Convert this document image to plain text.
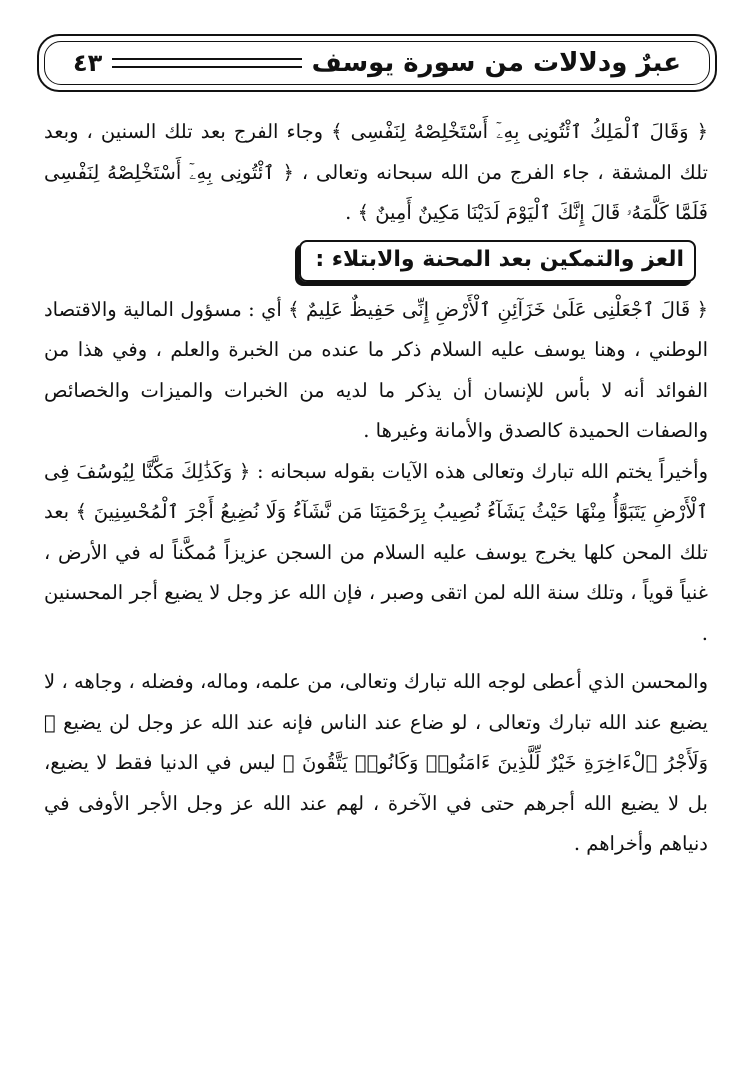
عبرٌ ودلالات من سورة يوسف
٤٣

﴿ وَقَالَ ٱلْمَلِكُ ٱئْتُونِى بِهِۦٓ أَسْتَخْلِصْهُ لِنَفْسِى ﴾ وجاء الفرج بعد تلك السنين ، وبعد تلك المشقة ، جاء الفرج من الله سبحانه وتعالى ، ﴿ ٱئْتُونِى بِهِۦٓ أَسْتَخْلِصْهُ لِنَفْسِى فَلَمَّا كَلَّمَهُۥ قَالَ إِنَّكَ ٱلْيَوْمَ لَدَيْنَا مَكِينٌ أَمِينٌ ﴾ .

العز والتمكين بعد المحنة والابتلاء :

﴿ قَالَ ٱجْعَلْنِى عَلَىٰ خَزَآئِنِ ٱلْأَرْضِ إِنِّى حَفِيظٌ عَلِيمٌ ﴾ أي : مسؤول المالية والاقتصاد الوطني ، وهنا يوسف عليه السلام ذكر ما عنده من الخبرة والعلم ، وفي هذا من الفوائد أنه لا بأس للإنسان أن يذكر ما لديه من الخبرات والميزات والخصائص والصفات الحميدة كالصدق والأمانة وغيرها .

وأخيراً يختم الله تبارك وتعالى هذه الآيات بقوله سبحانه : ﴿ وَكَذَٰلِكَ مَكَّنَّا لِيُوسُفَ فِى ٱلْأَرْضِ يَتَبَوَّأُ مِنْهَا حَيْثُ يَشَآءُ نُصِيبُ بِرَحْمَتِنَا مَن نَّشَآءُ وَلَا نُضِيعُ أَجْرَ ٱلْمُحْسِنِينَ ﴾ بعد تلك المحن كلها يخرج يوسف عليه السلام من السجن عزيزاً مُمكَّناً له في الأرض ، غنياً قوياً ، وتلك سنة الله لمن اتقى وصبر ، فإن الله عز وجل لا يضيع أجر المحسنين .

والمحسن الذي أعطى لوجه الله تبارك وتعالى، من علمه، وماله، وفضله ، وجاهه ، لا يضيع عند الله تبارك وتعالى ، لو ضاع عند الناس فإنه عند الله عز وجل لن يضيع ﴿ وَلَأَجْرُ ٱلْءَاخِرَةِ خَيْرٌ لِّلَّذِينَ ءَامَنُوا۟ وَكَانُوا۟ يَتَّقُونَ ﴾ ليس في الدنيا فقط لا يضيع، بل لا يضيع الله أجرهم حتى في الآخرة ، لهم عند الله عز وجل الأجر الأوفى في دنياهم وأخراهم .
